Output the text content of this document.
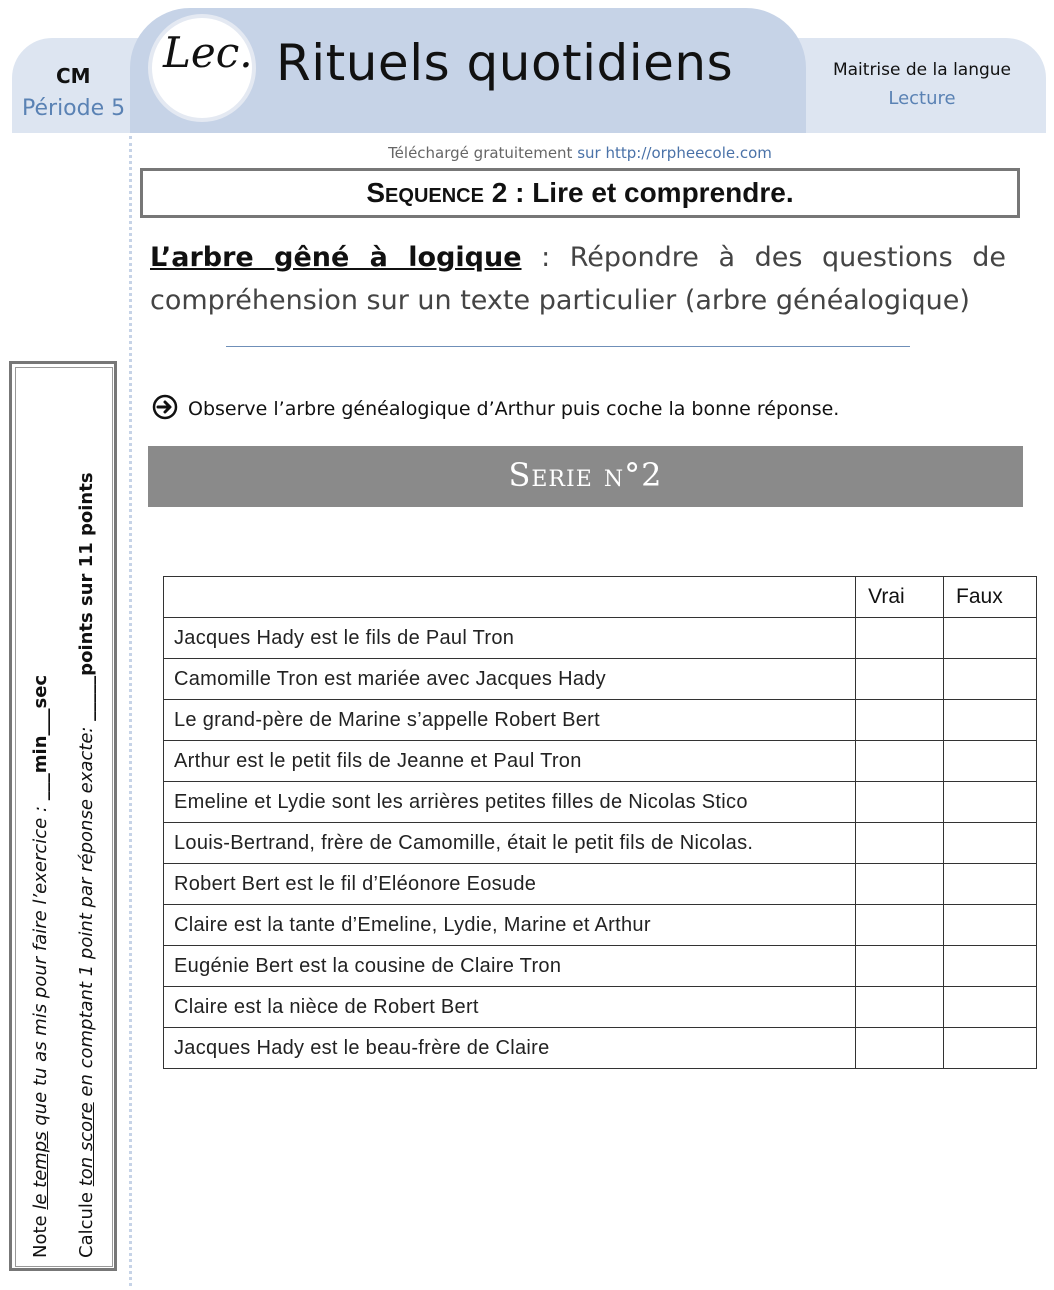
CM
Période 5
Lec. Rituels quotidiens	Maitrise de la langue
Lecture
Téléchargé gratuitement sur http://orpheecole.com
Sequence 2 : Lire et comprendre.
L’arbre gêné à logique : Répondre à des questions de compréhension sur un texte particulier (arbre généalogique)
Observe l’arbre généalogique d’Arthur puis coche la bonne réponse.
Serie n°2
	Vrai	Faux
Jacques Hady est le fils de Paul Tron		
Camomille Tron est mariée avec Jacques Hady		
Le grand-père de Marine s’appelle Robert Bert		
Arthur est le petit fils de Jeanne et Paul Tron		
Emeline et Lydie sont les arrières petites filles de Nicolas Stico		
Louis-Bertrand, frère de Camomille, était le petit fils de Nicolas.		
Robert Bert est le fil d’Eléonore Eosude		
Claire est la tante d’Emeline, Lydie, Marine et Arthur		
Eugénie Bert est la cousine de Claire Tron		
Claire est la nièce de Robert Bert		
Jacques Hady est le beau-frère de Claire		
Note le temps que tu as mis pour faire l’exercice : ___min___sec
Calcule ton score en comptant 1 point par réponse exacte: _____points sur 11 points
